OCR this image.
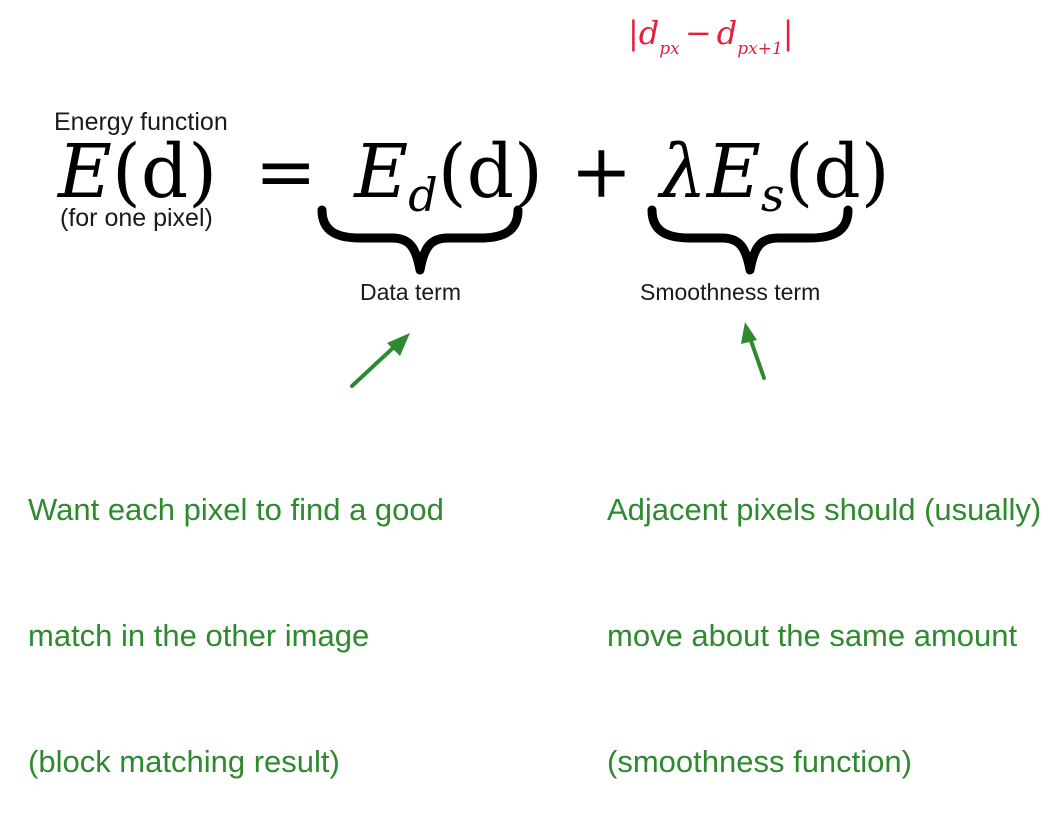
Energy function

(for one pixel)

|dpx − dpx+1|
$E(d) = E_d(d) + \lambda E_s(d)$
Data term	Smoothness term

Want each pixel to find a good

match in the other image

(block matching result)

Adjacent pixels should (usually)

move about the same amount

(smoothness function)
